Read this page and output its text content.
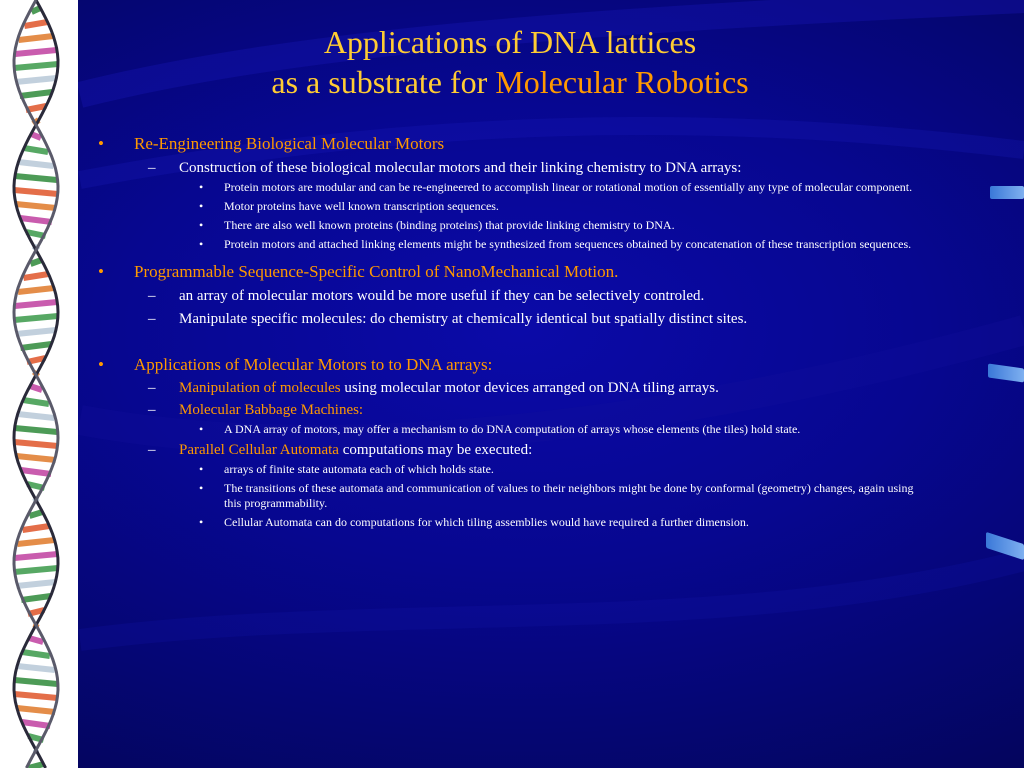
Applications of DNA lattices
as a substrate for Molecular Robotics
• Re-Engineering Biological Molecular Motors
– Construction of these biological molecular motors and their linking chemistry to DNA arrays:
• Protein motors are modular and can be re-engineered to accomplish linear or rotational motion of essentially any type of molecular component.
• Motor proteins have well known transcription sequences.
• There are also well known proteins (binding proteins) that provide linking chemistry to DNA.
• Protein motors and attached linking elements might be synthesized from sequences obtained by concatenation of these transcription sequences.
• Programmable Sequence-Specific Control of NanoMechanical Motion.
– an array of molecular motors would be more useful if they can be selectively controled.
– Manipulate specific molecules: do chemistry at chemically identical but spatially distinct sites.
• Applications of Molecular Motors to to DNA arrays:
– Manipulation of molecules using molecular motor devices arranged on DNA tiling arrays.
– Molecular Babbage Machines:
• A DNA array of motors, may offer a mechanism to do DNA computation of arrays whose elements (the tiles) hold state.
– Parallel Cellular Automata computations may be executed:
• arrays of finite state automata each of which holds state.
• The transitions of these automata and communication of values to their neighbors might be done by conformal (geometry) changes, again using this programmability.
• Cellular Automata can do computations for which tiling assemblies would have required a further dimension.
